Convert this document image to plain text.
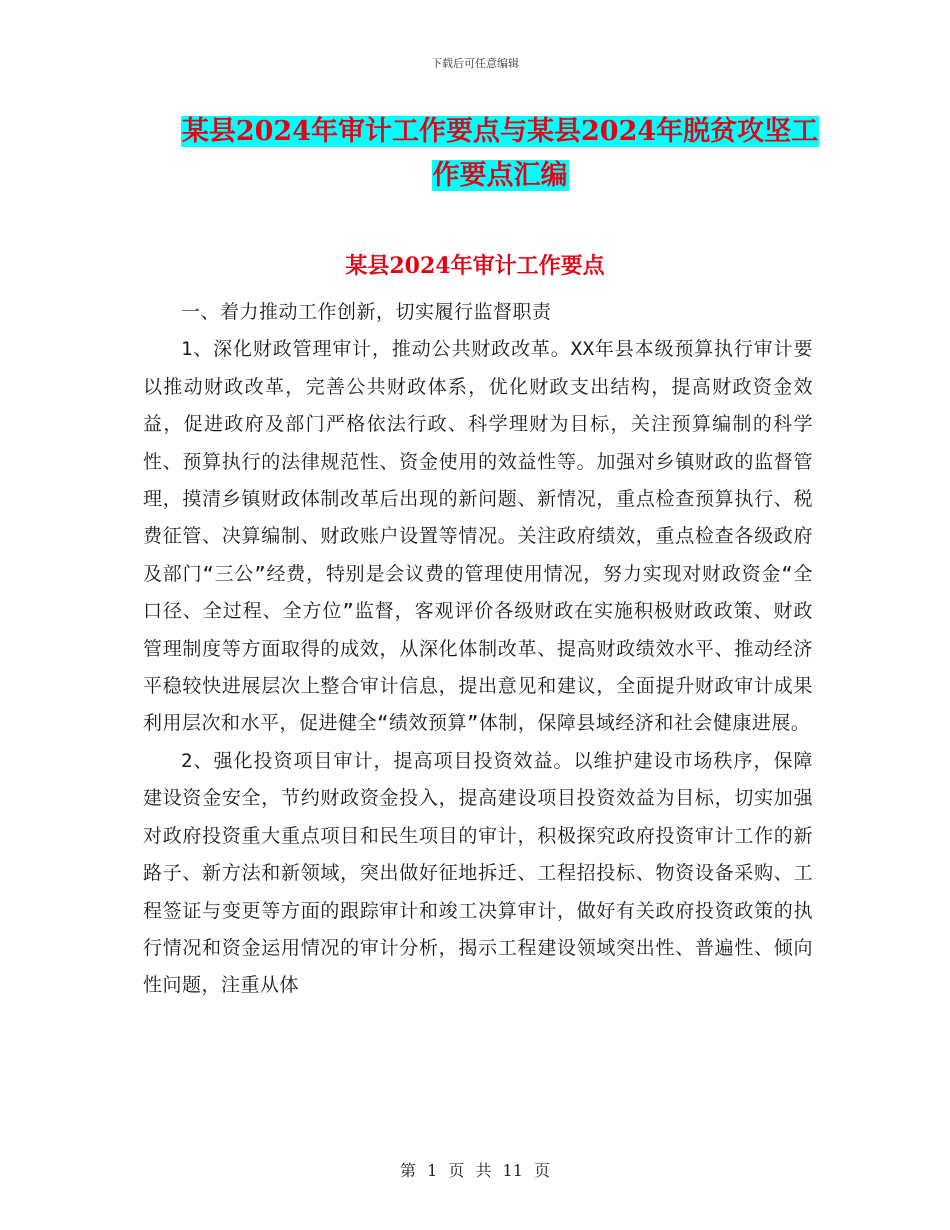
下载后可任意编辑
某县2024年审计工作要点与某县2024年脱贫攻坚工
作要点汇编
某县2024年审计工作要点

一、着力推动工作创新，切实履行监督职责

1、深化财政管理审计，推动公共财政改革。XX年县本级预算执行审计要以推动财政改革，完善公共财政体系，优化财政支出结构，提高财政资金效益，促进政府及部门严格依法行政、科学理财为目标，关注预算编制的科学性、预算执行的法律规范性、资金使用的效益性等。加强对乡镇财政的监督管理，摸清乡镇财政体制改革后出现的新问题、新情况，重点检查预算执行、税费征管、决算编制、财政账户设置等情况。关注政府绩效，重点检查各级政府及部门“三公”经费，特别是会议费的管理使用情况，努力实现对财政资金“全口径、全过程、全方位”监督，客观评价各级财政在实施积极财政政策、财政管理制度等方面取得的成效，从深化体制改革、提高财政绩效水平、推动经济平稳较快进展层次上整合审计信息，提出意见和建议，全面提升财政审计成果利用层次和水平，促进健全“绩效预算”体制，保障县域经济和社会健康进展。

2、强化投资项目审计，提高项目投资效益。以维护建设市场秩序，保障建设资金安全，节约财政资金投入，提高建设项目投资效益为目标，切实加强对政府投资重大重点项目和民生项目的审计，积极探究政府投资审计工作的新路子、新方法和新领域，突出做好征地拆迁、工程招投标、物资设备采购、工程签证与变更等方面的跟踪审计和竣工决算审计，做好有关政府投资政策的执行情况和资金运用情况的审计分析，揭示工程建设领域突出性、普遍性、倾向性问题，注重从体

第 1 页 共 11 页
